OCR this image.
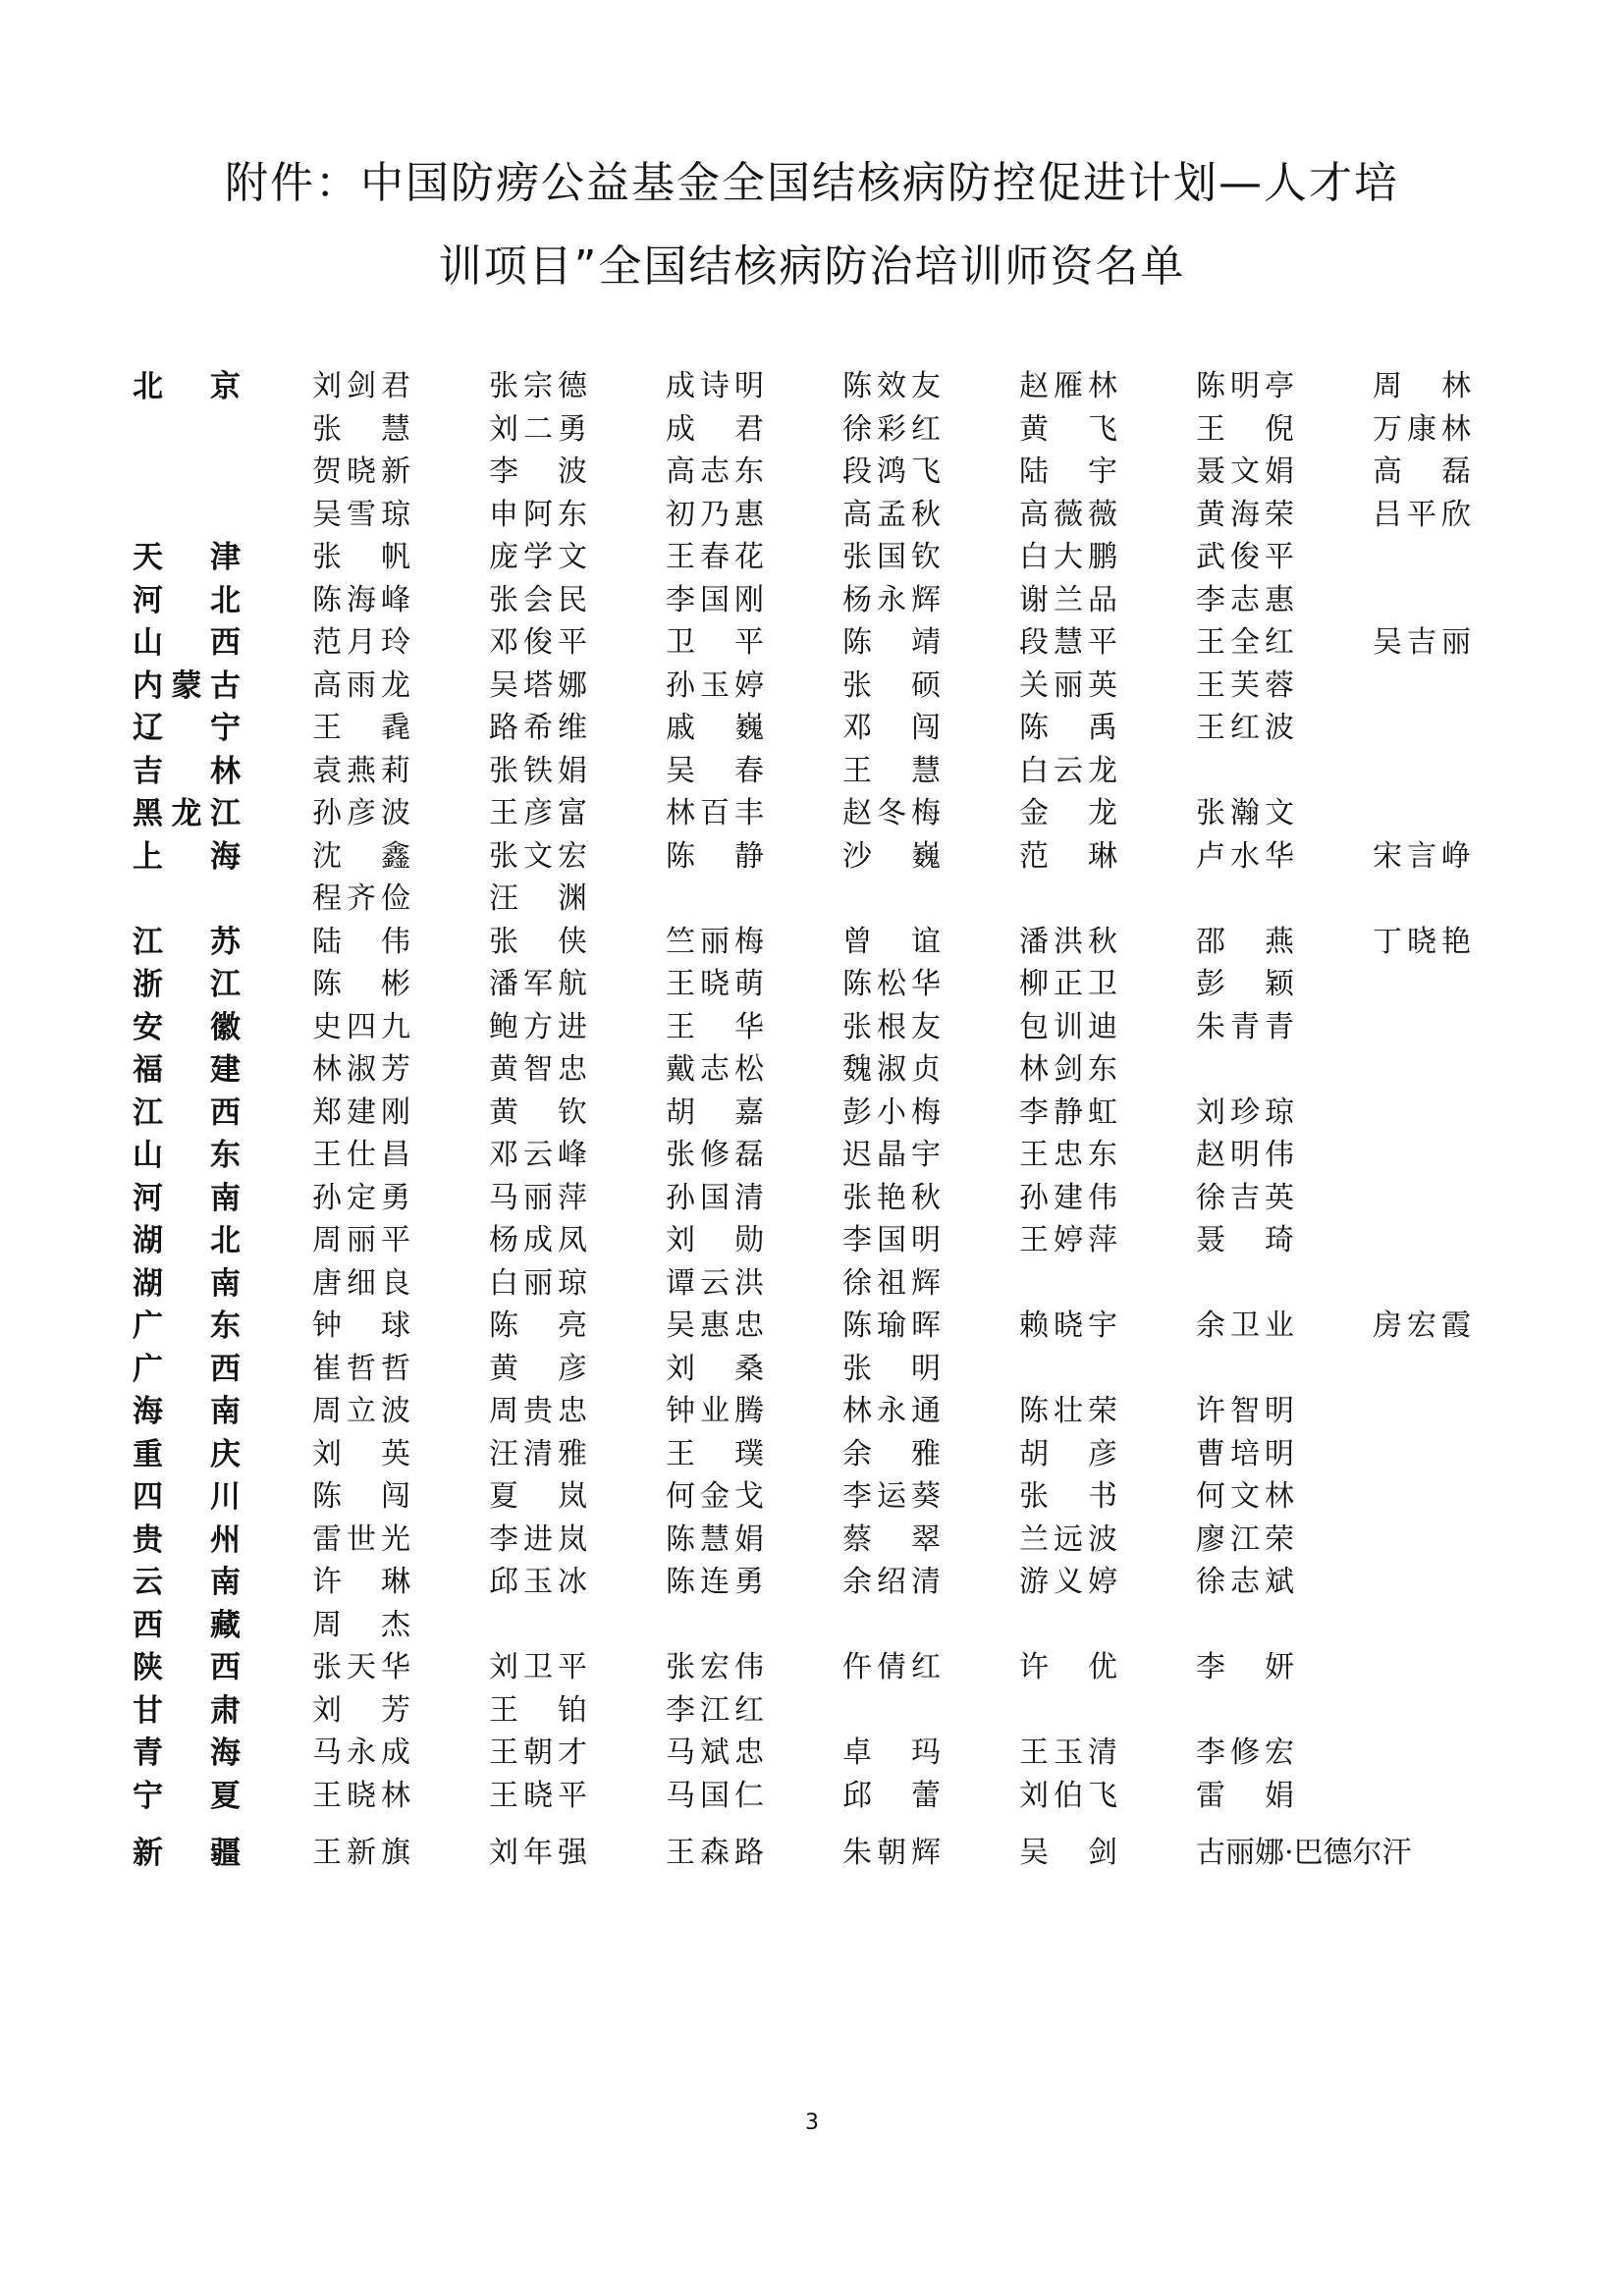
附件：中国防痨公益基金全国结核病防控促进计划—人才培
训项目”全国结核病防治培训师资名单
北京 刘剑君	张宗德	成诗明	陈效友	赵雁林	陈明亭	周林
张慧	刘二勇	成君	徐彩红	黄飞	王倪	万康林
贺晓新	李波	高志东	段鸿飞	陆宇	聂文娟	高磊
吴雪琼	申阿东	初乃惠	高孟秋	高薇薇	黄海荣	吕平欣
天津 张帆	庞学文	王春花	张国钦	白大鹏	武俊平
河北 陈海峰	张会民	李国刚	杨永辉	谢兰品	李志惠
山西 范月玲	邓俊平	卫平	陈靖	段慧平	王全红	吴吉丽
内蒙古 高雨龙	吴塔娜	孙玉婷	张硕	关丽英	王芙蓉
辽宁 王毳	路希维	戚巍	邓闯	陈禹	王红波
吉林 袁燕莉	张铁娟	吴春	王慧	白云龙
黑龙江 孙彦波	王彦富	林百丰	赵冬梅	金龙	张瀚文
上海 沈鑫	张文宏	陈静	沙巍	范琳	卢水华	宋言峥
程齐俭	汪渊
江苏 陆伟	张侠	竺丽梅	曾谊	潘洪秋	邵燕	丁晓艳
浙江 陈彬	潘军航	王晓萌	陈松华	柳正卫	彭颖
安徽 史四九	鲍方进	王华	张根友	包训迪	朱青青
福建 林淑芳	黄智忠	戴志松	魏淑贞	林剑东
江西 郑建刚	黄钦	胡嘉	彭小梅	李静虹	刘珍琼
山东 王仕昌	邓云峰	张修磊	迟晶宇	王忠东	赵明伟
河南 孙定勇	马丽萍	孙国清	张艳秋	孙建伟	徐吉英
湖北 周丽平	杨成凤	刘勋	李国明	王婷萍	聂琦
湖南 唐细良	白丽琼	谭云洪	徐祖辉
广东 钟球	陈亮	吴惠忠	陈瑜晖	赖晓宇	余卫业	房宏霞
广西 崔哲哲	黄彦	刘桑	张明
海南 周立波	周贵忠	钟业腾	林永通	陈壮荣	许智明
重庆 刘英	汪清雅	王璞	余雅	胡彦	曹培明
四川 陈闯	夏岚	何金戈	李运葵	张书	何文林
贵州 雷世光	李进岚	陈慧娟	蔡翠	兰远波	廖江荣
云南 许琳	邱玉冰	陈连勇	余绍清	游义婷	徐志斌
西藏 周杰
陕西 张天华	刘卫平	张宏伟	仵倩红	许优	李妍
甘肃 刘芳	王铂	李江红
青海 马永成	王朝才	马斌忠	卓玛	王玉清	李修宏
宁夏 王晓林	王晓平	马国仁	邱蕾	刘伯飞	雷娟
新疆 王新旗	刘年强	王森路	朱朝辉	吴剑	古丽娜·巴德尔汗
3
